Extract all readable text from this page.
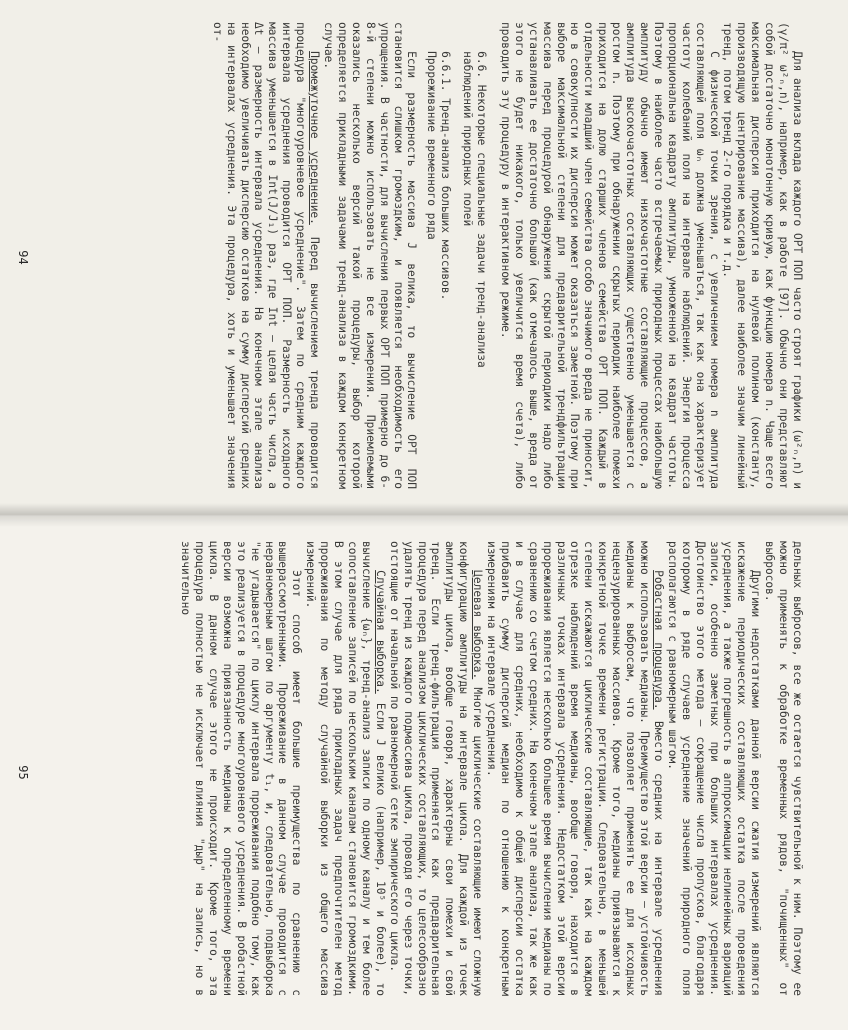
Для анализа вклада каждого ОРТ ПОП часто строят графики (ω²ₙ,n) и (γ/π² ω²ₙ,n), например, как в работе [97]. Обычно они представляют собой достаточно монотонную кривую, как функцию номера n. Чаще всего максимальная дисперсия приходится на нулевой полином (константу, производящую центрирование массива), далее наиболее значим линейный тренд, потом тренд 2-го порядка и т.д.

С физической точки зрения, с увеличением номера n амплитуда составляющей поля ωₙ должна уменьшаться, так как она характеризует частоту колебаний поля на интервале наблюдений. Энергия процесса пропорциональна квадрату амплитуды, умноженной на квадрат частоты. Поэтому в наиболее часто встречаемых природных процессах наибольшую амплитуду обычно имеют низкочастотные составляющие процессов, а амплитуда высокочастотных составляющих существенно уменьшается с ростом n. Поэтому при обнаружении скрытых периодик наиболее помехи приходится на долю старших членов семейства ОРТ ПОП. Каждый в отдельности младший член семейства особо значимого вреда не приносит, но в совокупности их дисперсия может оказаться заметной. Поэтому при выборе максимальной степени для предварительной трендфильтрации массива перед процедурой обнаружения скрытой периодики надо либо устанавливать ее достаточно большой (как отмечалось выше, вреда от этого не будет никакого, только увеличится время счета), либо проводить эту процедуру в интерактивном режиме.

6.6. Некоторые специальные задачи тренд-анализа
наблюдений природных полей
6.6.1. Тренд-анализ больших массивов.
Прореживание временного ряда

Если размерность массива J велика, то вычисление ОРТ ПОП становится слишком громоздким, и появляется необходимость его упрощения. В частности, для вычисления первых ОРТ ПОП примерно до 6-8-й степени можно использовать не все измерения. Приемлемыми оказались несколько версий такой процедуры, выбор которой определяется прикладными задачами тренд-анализа в каждом конкретном случае.

Промежуточное усреднение. Перед вычислением тренда проводится процедура "многоуровневое усреднение". Затем по средним каждого интервала усреднения проводится ОРТ ПОП. Размерность исходного массива уменьшается в Int(J/J₁) раз, где Int — целая часть числа, а Δt — размерность интервала усреднения. На конечном этапе анализа необходимо увеличивать дисперсию остатков на сумму дисперсий средних на интервалах усреднения. Эта процедура, хоть и уменьшает значения от-

94

дельных выбросов, все же остается чувствительной к ним. Поэтому ее можно применять к обработке временных рядов, "почищенных" от выбросов.

Другими недостатками данной версии сжатия измерений являются искажение периодических составляющих остатка после проведения усреднения, а также погрешность в аппроксимации нелинейных вариаций записи, особенно заметных при больших интервалах усреднения. Достоинство этого метода — сокращение числа пропусков, благодаря которому в ряде случаев усреднение значений природного поля располагаются с равномерным шагом.

Робастная процедура. Вместо средних на интервале усреднения можно использовать медианы. Преимущество этой версии — устойчивость медианы к выбросам, что позволяет применять ее для исходных нецензурированных массивов. Кроме того, медианы привязываются к конкретной точке времени регистрации. Следовательно, в меньшей степени искажаются циклические составляющие, так как на каждом отрезке наблюдений время медианы, вообще говоря, находится в различных точках интервала усреднения. Недостатком этой версии прореживания является несколько большее время вычисления медианы по сравнению со счетом средних. На конечном этапе анализа, так же как и в случае для средних, необходимо к общей дисперсии остатка прибавить сумму дисперсий медиан по отношению к конкретным измерениям на интервале усреднения.

Целевая выборка. Многие циклические составляющие имеют сложную конфигурацию амплитуды на интервале цикла. Для каждой из точек амплитуды цикла, вообще говоря, характерны свои помехи и свой тренд. Если тренд-фильтрация применяется как предварительная процедура перед анализом циклических составляющих, то целесообразно удалять тренд из каждого подмассива цикла, проводя его через точки, отстоящие от начальной по равномерной сетке эмпирического цикла.

Случайная выборка. Если J велико (например, 10⁵ и более), то вычисление {ωₙ}, тренд-анализ записи по одному каналу и тем более сопоставление записей по нескольким каналам становится громоздкими. В этом случае для ряда прикладных задач предпочтителен метод прореживания по методу случайной выборки из общего массива измерений.

Этот способ имеет большие преимущества по сравнению с вышерассмотренными. Прореживание в данном случае проводится с неравномерным шагом по аргументу t₁, и, следовательно, подвыборка "не угадывается" по циклу интервала прореживания подобно тому, как это реализуется в процедуре многоуровневого усреднения. В робастной версии возможна привязанность медианы к определенному времени цикла. В данном случае этого не происходит. Кроме того, эта процедура полностью не исключает влияния "дыр" на запись, но в значительно

95
